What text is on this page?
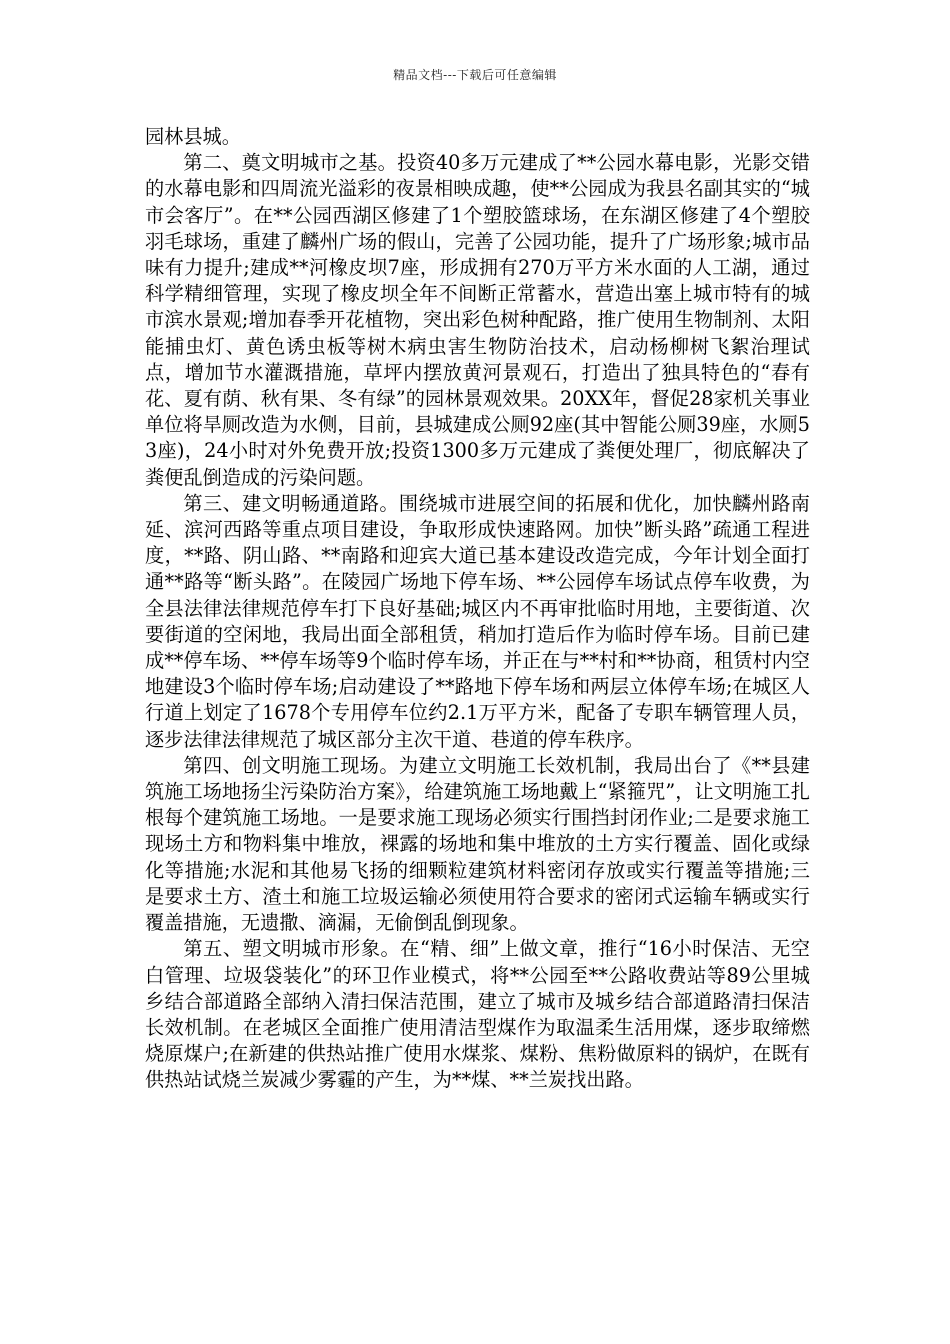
精品文档---下载后可任意编辑

园林县城。

第二、奠文明城市之基。投资40多万元建成了**公园水幕电影，光影交错的水幕电影和四周流光溢彩的夜景相映成趣，使**公园成为我县名副其实的“城市会客厅”。在**公园西湖区修建了1个塑胶篮球场，在东湖区修建了4个塑胶羽毛球场，重建了麟州广场的假山，完善了公园功能，提升了广场形象;城市品味有力提升;建成**河橡皮坝7座，形成拥有270万平方米水面的人工湖，通过科学精细管理，实现了橡皮坝全年不间断正常蓄水，营造出塞上城市特有的城市滨水景观;增加春季开花植物，突出彩色树种配路，推广使用生物制剂、太阳能捕虫灯、黄色诱虫板等树木病虫害生物防治技术，启动杨柳树飞絮治理试点，增加节水灌溉措施，草坪内摆放黄河景观石，打造出了独具特色的“春有花、夏有荫、秋有果、冬有绿”的园林景观效果。20XX年，督促28家机关事业单位将旱厕改造为水侧，目前，县城建成公厕92座(其中智能公厕39座，水厕53座)，24小时对外免费开放;投资1300多万元建成了粪便处理厂，彻底解决了粪便乱倒造成的污染问题。

第三、建文明畅通道路。围绕城市进展空间的拓展和优化，加快麟州路南延、滨河西路等重点项目建设，争取形成快速路网。加快”断头路”疏通工程进度，**路、阴山路、**南路和迎宾大道已基本建设改造完成，今年计划全面打通**路等“断头路”。在陵园广场地下停车场、**公园停车场试点停车收费，为全县法律法律规范停车打下良好基础;城区内不再审批临时用地，主要街道、次要街道的空闲地，我局出面全部租赁，稍加打造后作为临时停车场。目前已建成**停车场、**停车场等9个临时停车场，并正在与**村和**协商，租赁村内空地建设3个临时停车场;启动建设了**路地下停车场和两层立体停车场;在城区人行道上划定了1678个专用停车位约2.1万平方米，配备了专职车辆管理人员，逐步法律法律规范了城区部分主次干道、巷道的停车秩序。

第四、创文明施工现场。为建立文明施工长效机制，我局出台了《**县建筑施工场地扬尘污染防治方案》，给建筑施工场地戴上“紧箍咒”，让文明施工扎根每个建筑施工场地。一是要求施工现场必须实行围挡封闭作业;二是要求施工现场土方和物料集中堆放，裸露的场地和集中堆放的土方实行覆盖、固化或绿化等措施;水泥和其他易飞扬的细颗粒建筑材料密闭存放或实行覆盖等措施;三是要求土方、渣土和施工垃圾运输必须使用符合要求的密闭式运输车辆或实行覆盖措施，无遗撒、滴漏，无偷倒乱倒现象。

第五、塑文明城市形象。在“精、细”上做文章，推行“16小时保洁、无空白管理、垃圾袋装化”的环卫作业模式，将**公园至**公路收费站等89公里城乡结合部道路全部纳入清扫保洁范围，建立了城市及城乡结合部道路清扫保洁长效机制。在老城区全面推广使用清洁型煤作为取温柔生活用煤，逐步取缔燃烧原煤户;在新建的供热站推广使用水煤浆、煤粉、焦粉做原料的锅炉，在既有供热站试烧兰炭减少雾霾的产生，为**煤、**兰炭找出路。
